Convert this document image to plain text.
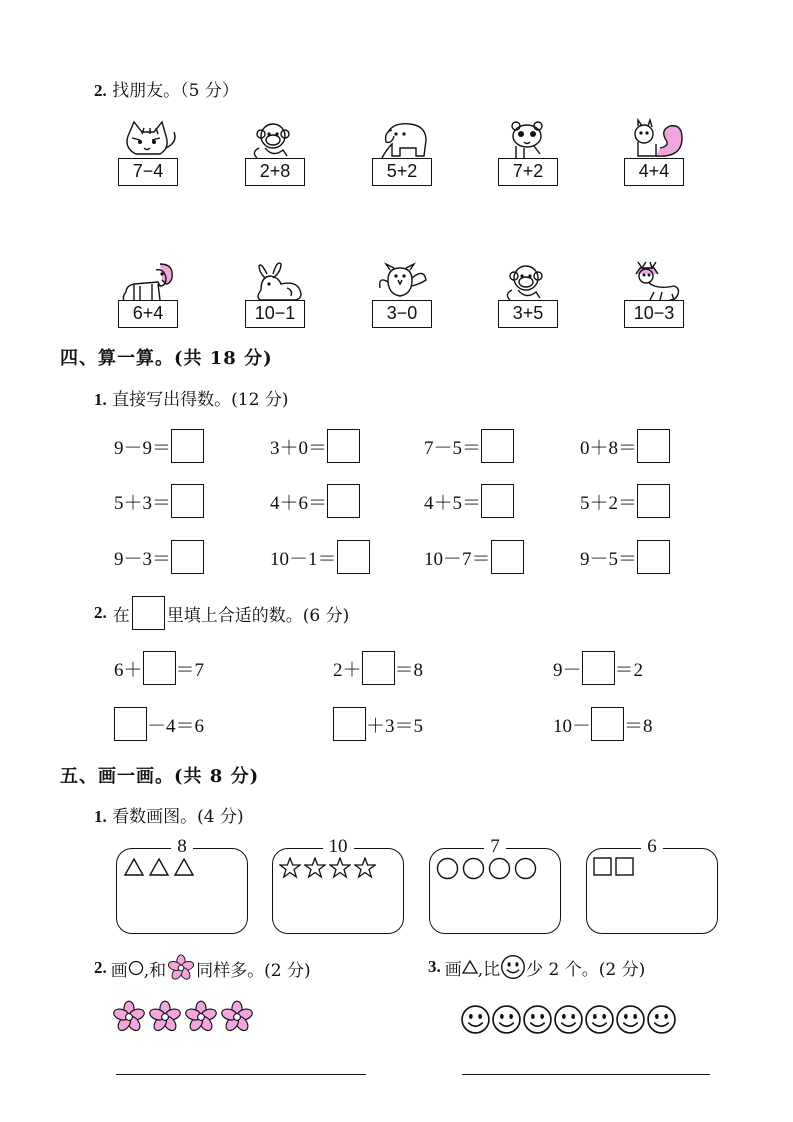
2. 找朋友。（5 分）
7−4	2+8	5+2	7+2	4+4
6+4	10−1	3−0	3+5	10−3
四、算一算。(共 18 分)
1. 直接写出得数。(12 分)
9－9＝	3＋0＝	7－5＝	0＋8＝
5＋3＝	4＋6＝	4＋5＝	5＋2＝
9－3＝	10－1＝	10－7＝	9－5＝
2. 在 里填上合适的数。(6 分)
6＋ ＝7	2＋ ＝8	9－ ＝2
－4＝6	＋3＝5	10－ ＝8
五、画一画。(共 8 分)
1. 看数画图。(4 分)
8	10	7	6
2. 画 ,和 同样多。(2 分)	3. 画 ,比 少 2 个。(2 分)
